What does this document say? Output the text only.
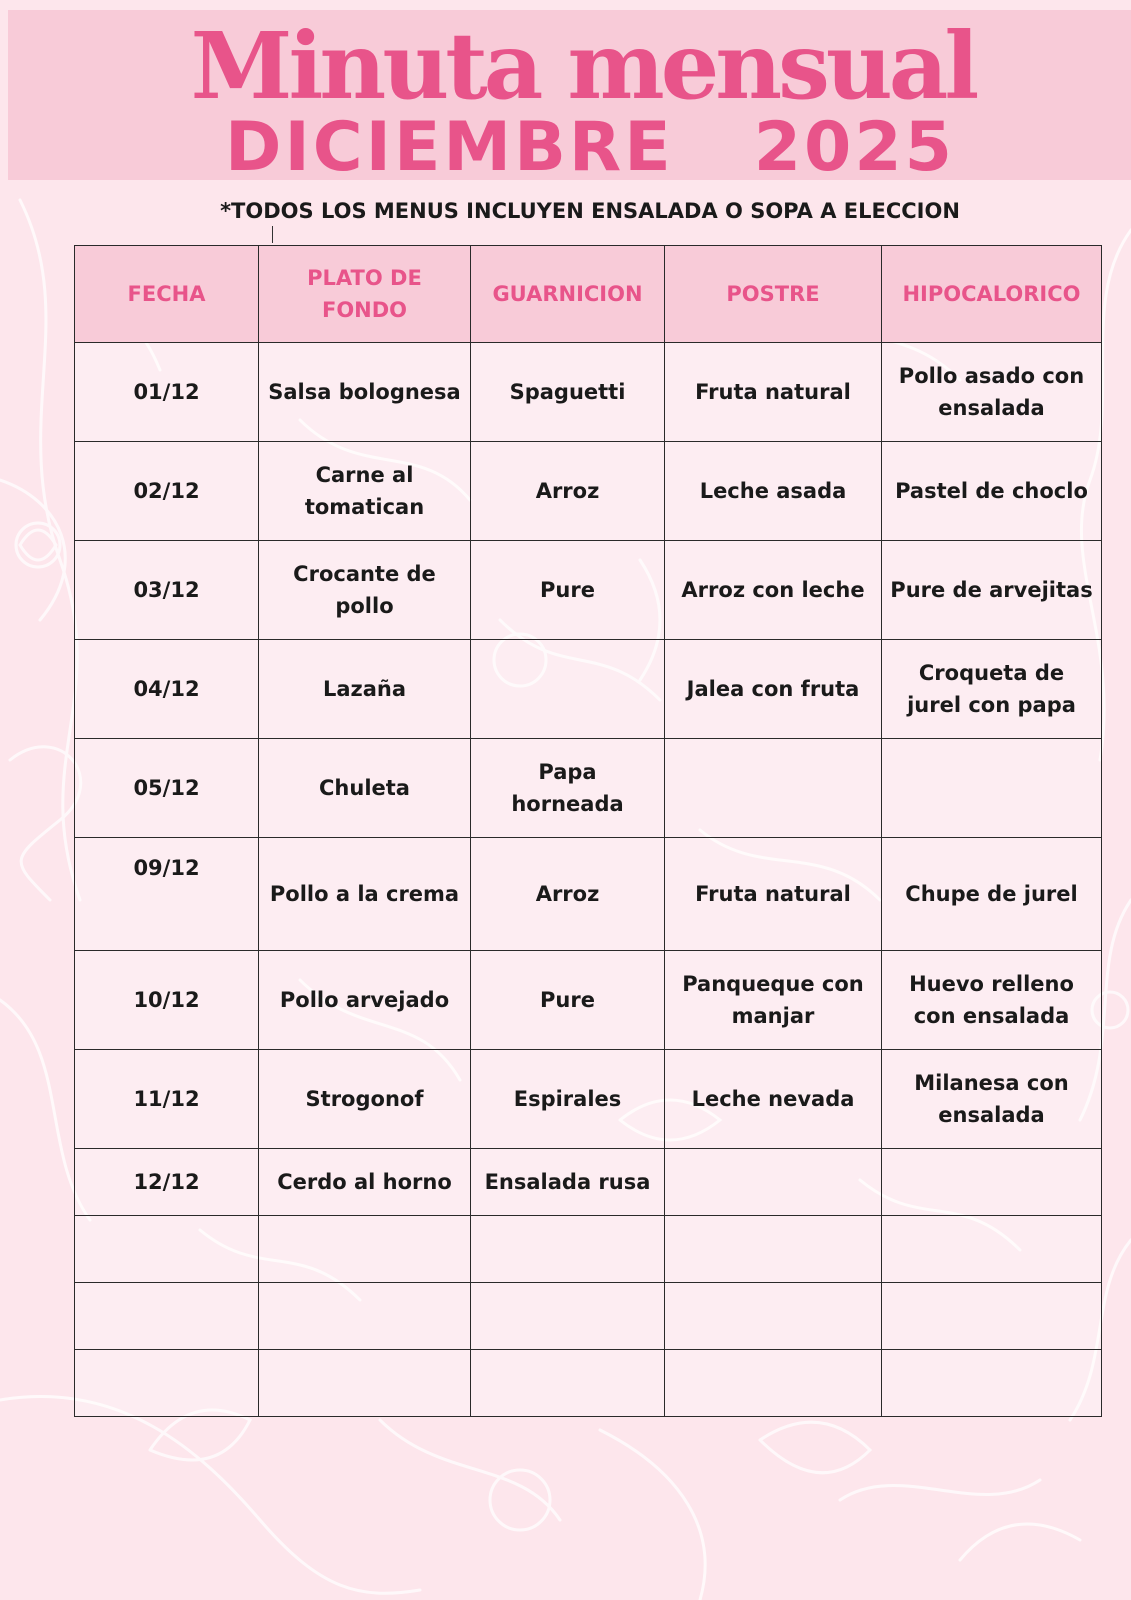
Minuta mensual
DICIEMBRE   2025
*TODOS LOS MENUS INCLUYEN ENSALADA O SOPA A ELECCION
FECHA	PLATO DE FONDO	GUARNICION	POSTRE	HIPOCALORICO
01/12	Salsa bolognesa	Spaguetti	Fruta natural	Pollo asado con ensalada
02/12	Carne al tomatican	Arroz	Leche asada	Pastel de choclo
03/12	Crocante de pollo	Pure	Arroz con leche	Pure de arvejitas
04/12	Lazaña		Jalea con fruta	Croqueta de jurel con papa
05/12	Chuleta	Papa horneada		
09/12	Pollo a la crema	Arroz	Fruta natural	Chupe de jurel
10/12	Pollo arvejado	Pure	Panqueque con manjar	Huevo relleno con ensalada
11/12	Strogonof	Espirales	Leche nevada	Milanesa con ensalada
12/12	Cerdo al horno	Ensalada rusa		
